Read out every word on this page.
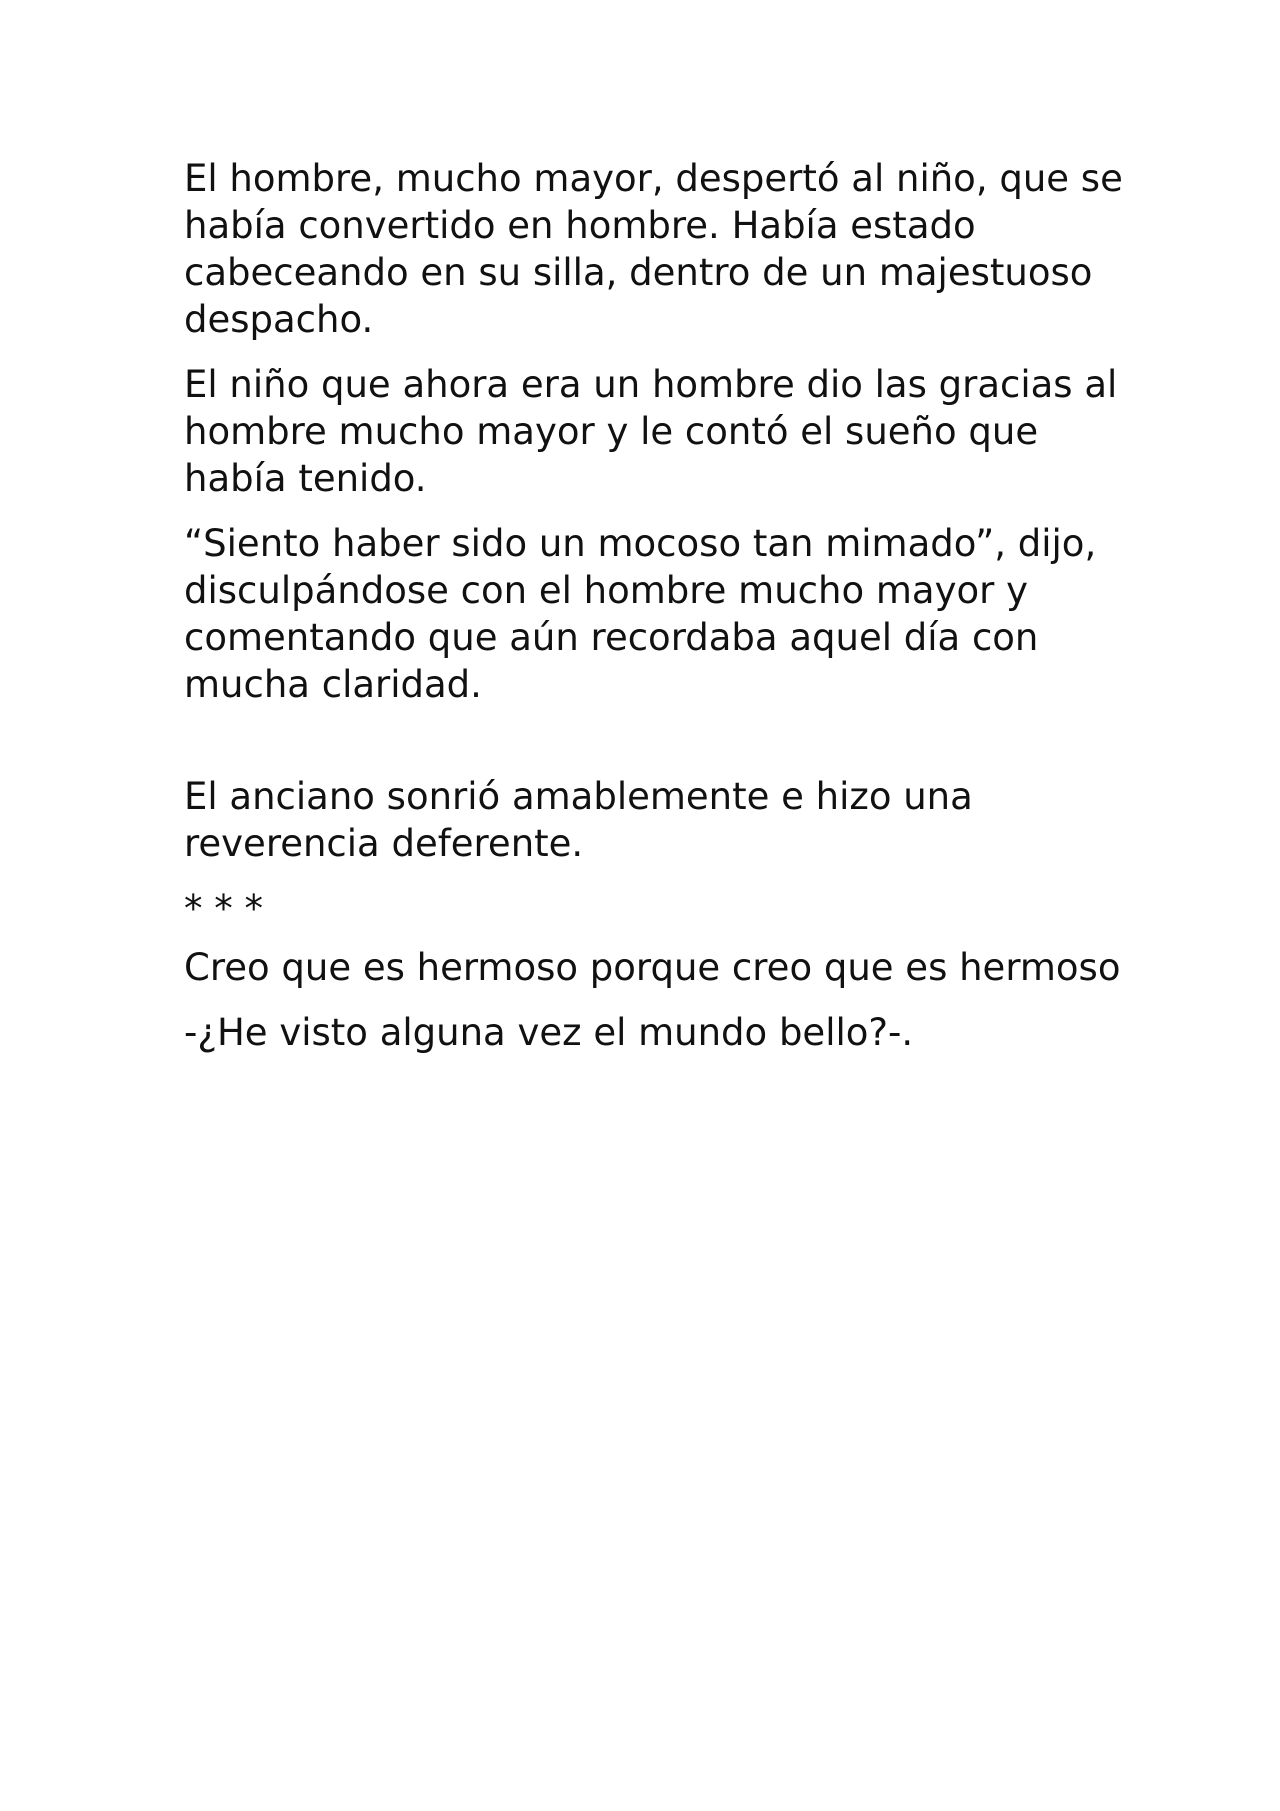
El hombre, mucho mayor, despertó al niño, que se había convertido en hombre. Había estado cabeceando en su silla, dentro de un majestuoso despacho.

El niño que ahora era un hombre dio las gracias al hombre mucho mayor y le contó el sueño que había tenido.

“Siento haber sido un mocoso tan mimado”, dijo, disculpándose con el hombre mucho mayor y comentando que aún recordaba aquel día con mucha claridad.

El anciano sonrió amablemente e hizo una reverencia deferente.

* * *

Creo que es hermoso porque creo que es hermoso

-¿He visto alguna vez el mundo bello?-.
